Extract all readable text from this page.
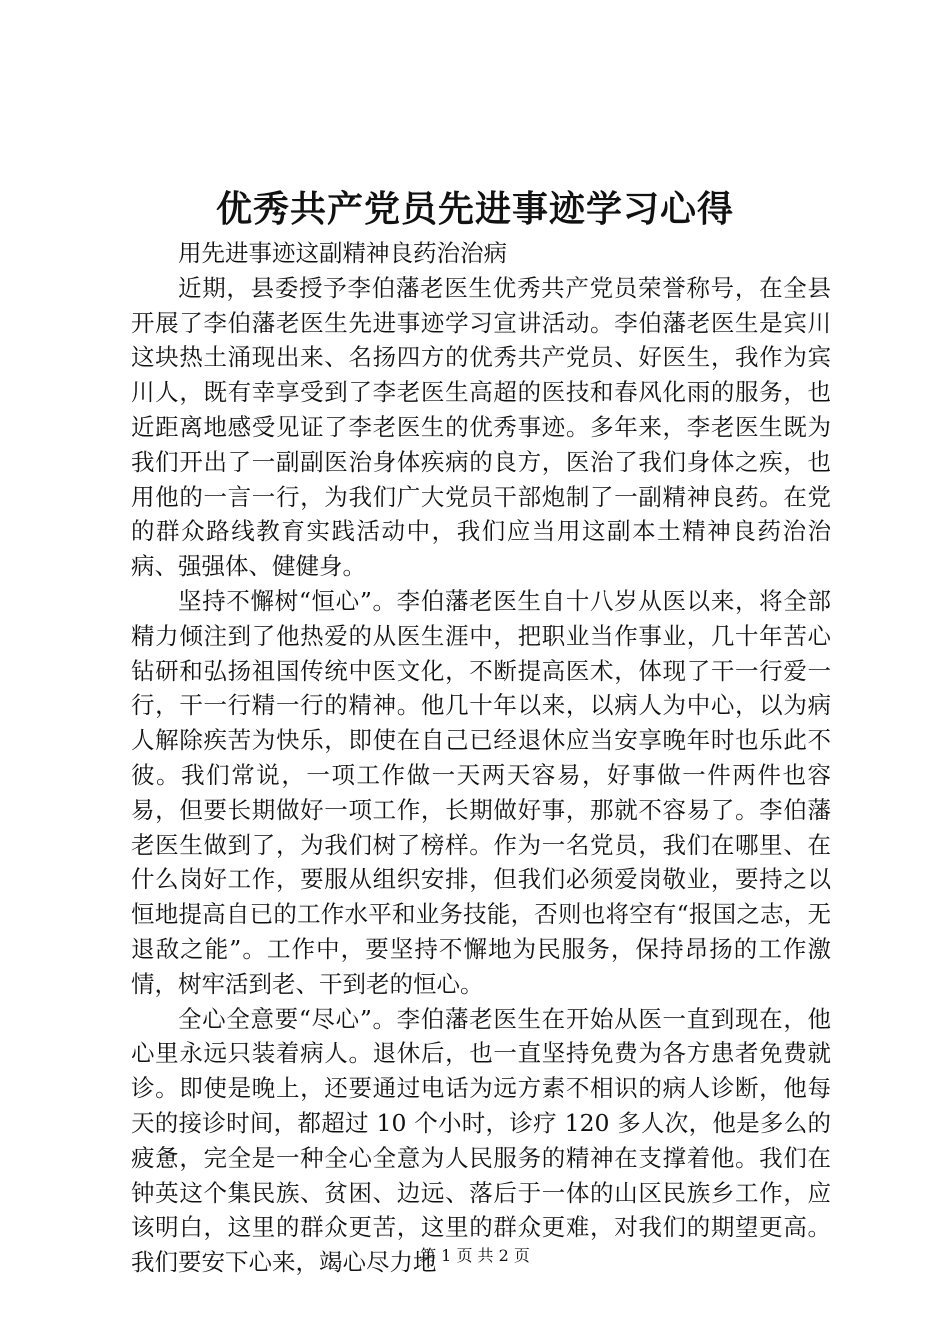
优秀共产党员先进事迹学习心得

用先进事迹这副精神良药治治病

近期，县委授予李伯藩老医生优秀共产党员荣誉称号，在全县开展了李伯藩老医生先进事迹学习宣讲活动。李伯藩老医生是宾川这块热土涌现出来、名扬四方的优秀共产党员、好医生，我作为宾川人，既有幸享受到了李老医生高超的医技和春风化雨的服务，也近距离地感受见证了李老医生的优秀事迹。多年来，李老医生既为我们开出了一副副医治身体疾病的良方，医治了我们身体之疾，也用他的一言一行，为我们广大党员干部炮制了一副精神良药。在党的群众路线教育实践活动中，我们应当用这副本土精神良药治治病、强强体、健健身。

坚持不懈树“恒心”。李伯藩老医生自十八岁从医以来，将全部精力倾注到了他热爱的从医生涯中，把职业当作事业，几十年苦心钻研和弘扬祖国传统中医文化，不断提高医术，体现了干一行爱一行，干一行精一行的精神。他几十年以来，以病人为中心，以为病人解除疾苦为快乐，即使在自己已经退休应当安享晚年时也乐此不彼。我们常说，一项工作做一天两天容易，好事做一件两件也容易，但要长期做好一项工作，长期做好事，那就不容易了。李伯藩老医生做到了，为我们树了榜样。作为一名党员，我们在哪里、在什么岗好工作，要服从组织安排，但我们必须爱岗敬业，要持之以恒地提高自已的工作水平和业务技能，否则也将空有“报国之志，无退敌之能”。工作中，要坚持不懈地为民服务，保持昂扬的工作激情，树牢活到老、干到老的恒心。

全心全意要“尽心”。李伯藩老医生在开始从医一直到现在，他心里永远只装着病人。退休后，也一直坚持免费为各方患者免费就诊。即使是晚上，还要通过电话为远方素不相识的病人诊断，他每天的接诊时间，都超过 10 个小时，诊疗 120 多人次，他是多么的疲惫，完全是一种全心全意为人民服务的精神在支撑着他。我们在钟英这个集民族、贫困、边远、落后于一体的山区民族乡工作，应该明白，这里的群众更苦，这里的群众更难，对我们的期望更高。我们要安下心来，竭心尽力地

第 1 页 共 2 页
